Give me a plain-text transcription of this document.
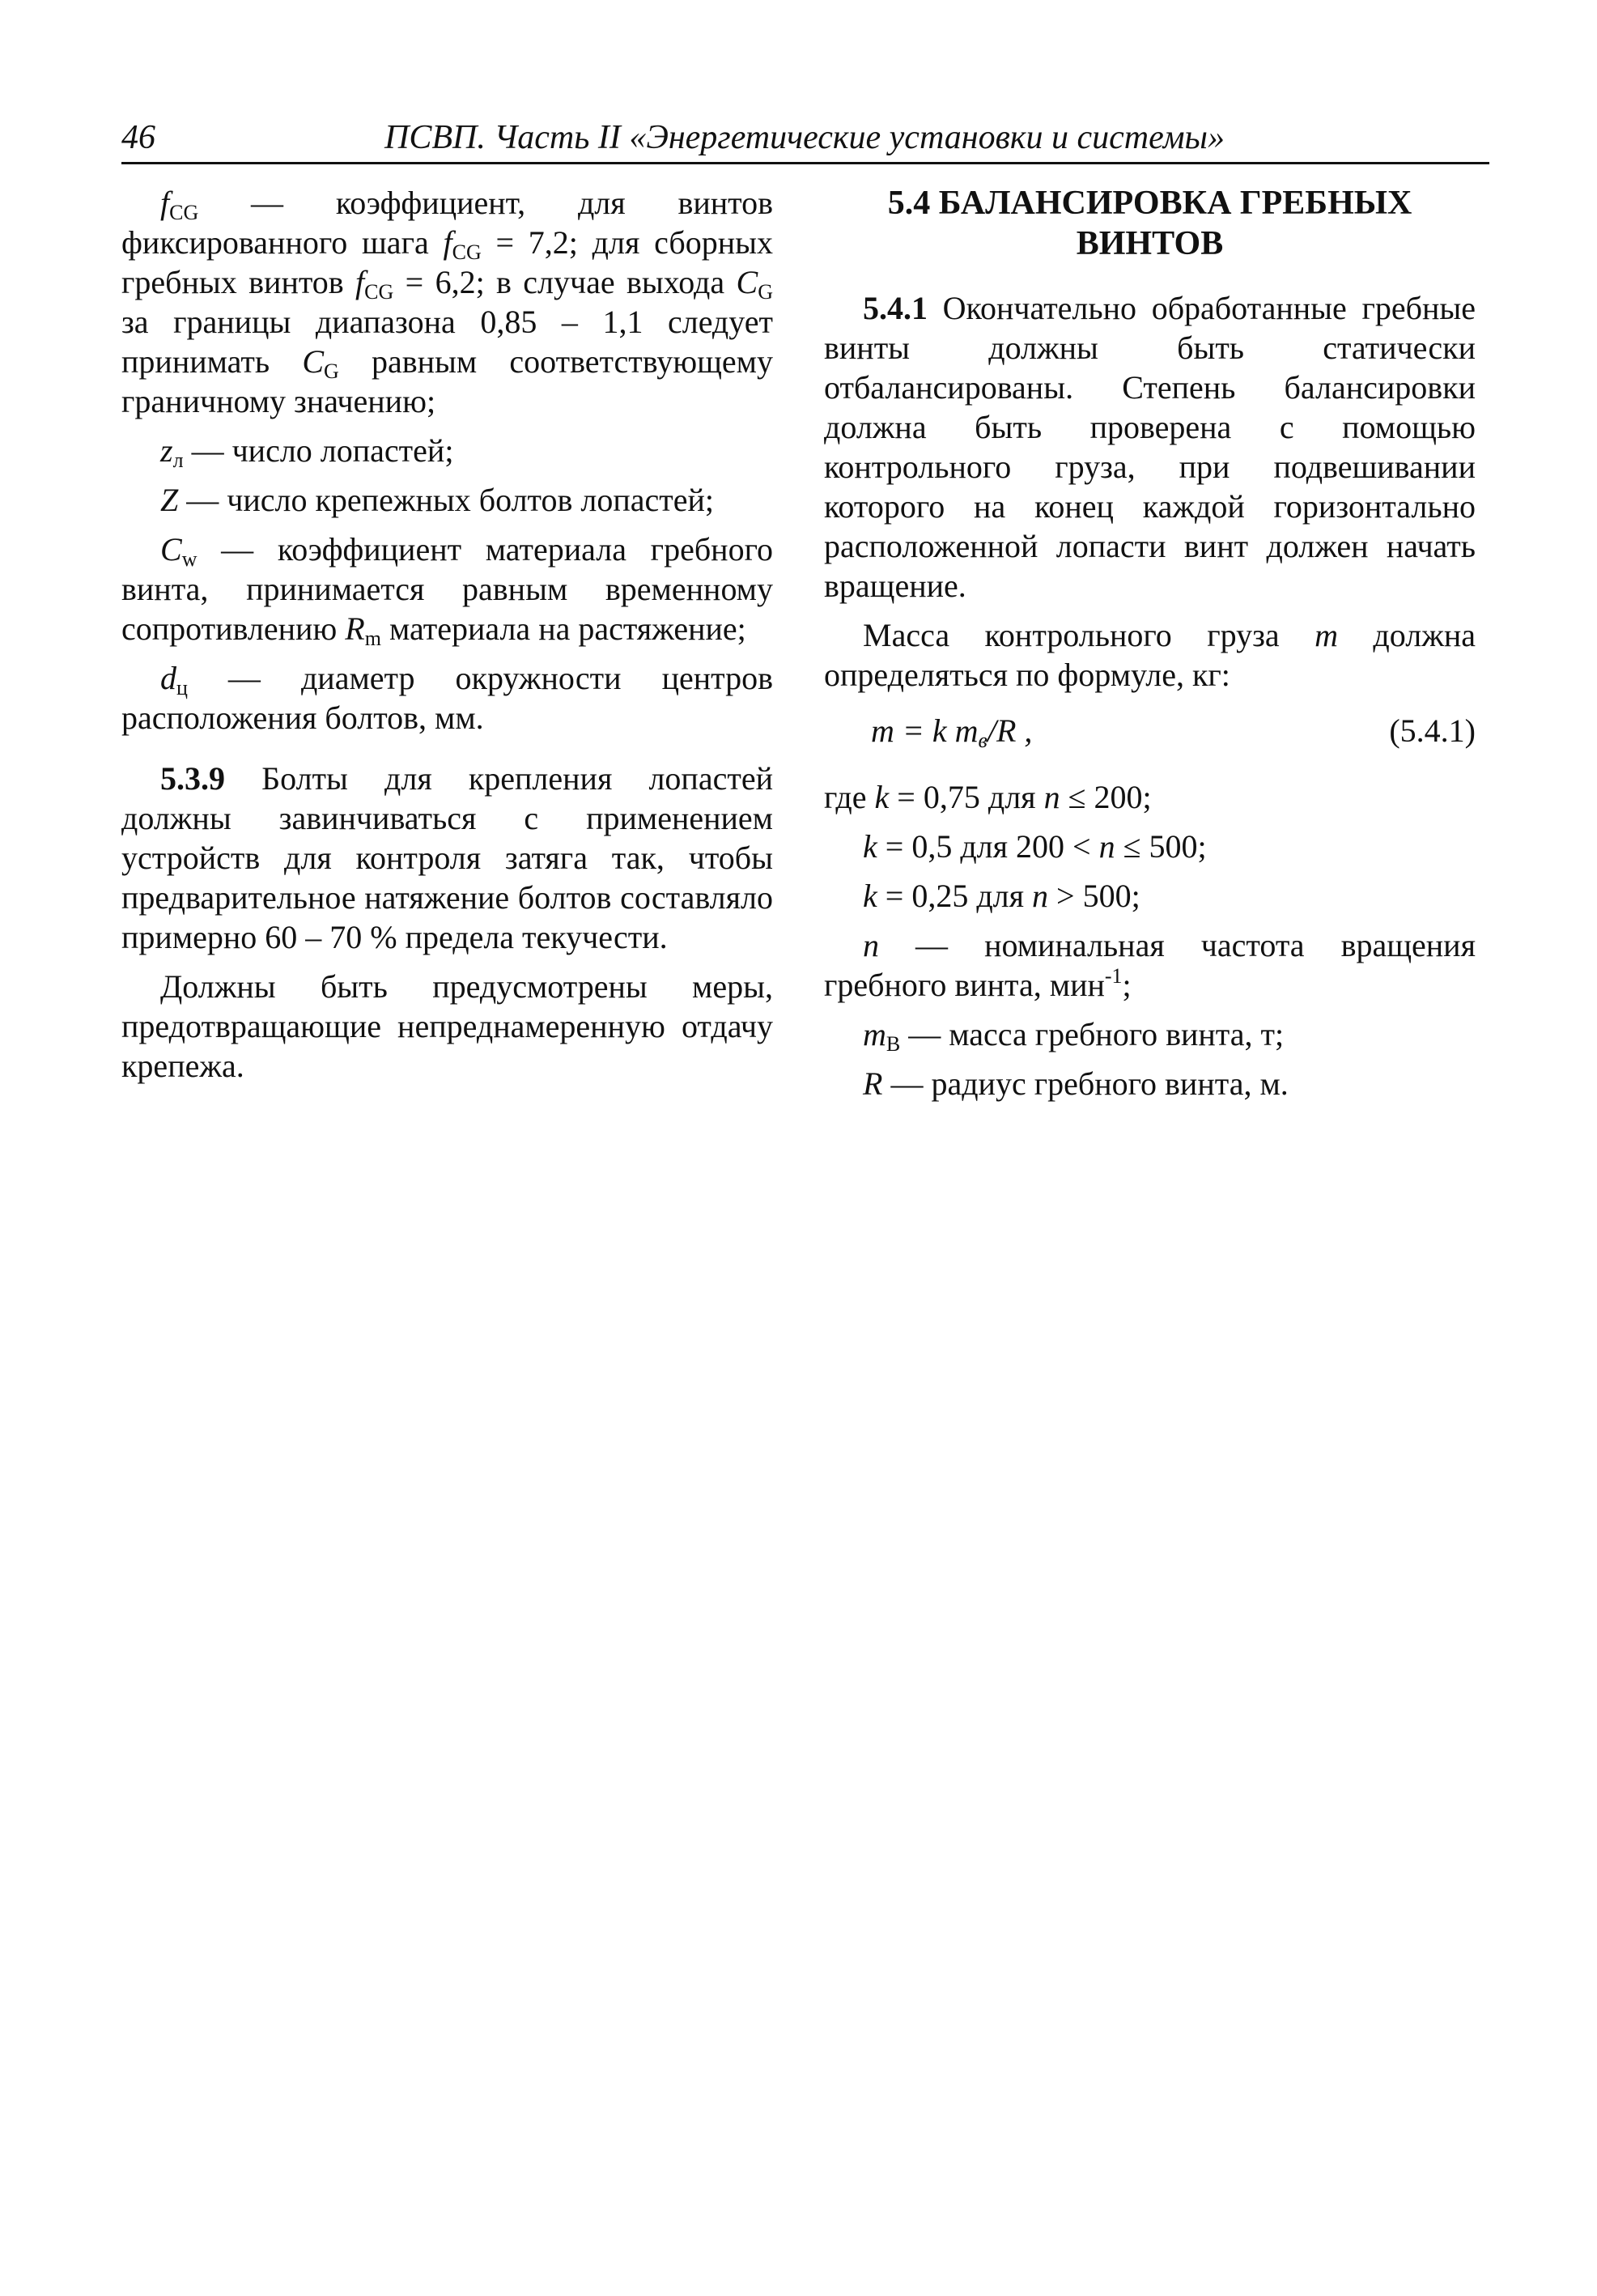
46	ПСВП. Часть II «Энергетические установки и системы»

$f_{CG}$ — коэффициент, для винтов фиксированного шага $f_{CG} = 7,2$; для сборных гребных винтов $f_{CG} = 6,2$; в случае выхода $C_G$ за границы диапазона 0,85 – 1,1 следует принимать $C_G$ равным соответствующему граничному значению;

$z_л$ — число лопастей;

Z — число крепежных болтов лопастей;

$C_w$ — коэффициент материала гребного винта, принимается равным временному сопротивлению $R_m$ материала на растяжение;

$d_ц$ — диаметр окружности центров расположения болтов, мм.

5.3.9 Болты для крепления лопастей должны завинчиваться с применением устройств для контроля затяга так, чтобы предварительное натяжение болтов составляло примерно 60 – 70 % предела текучести.

Должны быть предусмотрены меры, предотвращающие непреднамеренную отдачу крепежа.

5.4 БАЛАНСИРОВКА ГРЕБНЫХ
ВИНТОВ

5.4.1 Окончательно обработанные гребные винты должны быть статически отбалансированы. Степень балансировки должна быть проверена с помощью контрольного груза, при подвешивании которого на конец каждой горизонтально расположенной лопасти винт должен начать вращение.

Масса контрольного груза m должна определяться по формуле, кг:

m = k $m_в/R$ ,	(5.4.1)

где k = 0,75 для n ≤ 200;

k = 0,5 для 200 < n ≤ 500;

k = 0,25 для n > 500;

n — номинальная частота вращения гребного винта, мин$^{-1}$;

$m_В$ — масса гребного винта, т;

R — радиус гребного винта, м.
